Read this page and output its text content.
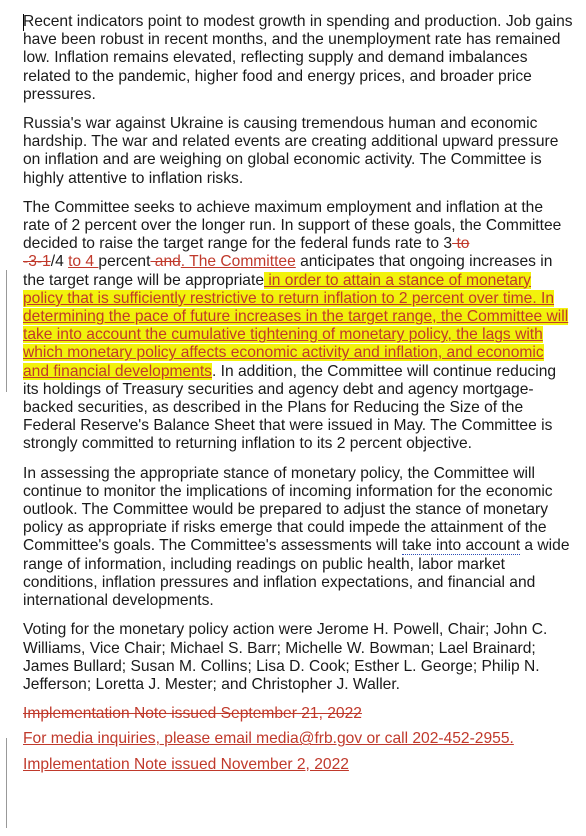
Recent indicators point to modest growth in spending and production. Job gains have been robust in recent months, and the unemployment rate has remained low. Inflation remains elevated, reflecting supply and demand imbalances related to the pandemic, higher food and energy prices, and broader price pressures.

Russia's war against Ukraine is causing tremendous human and economic hardship. The war and related events are creating additional upward pressure on inflation and are weighing on global economic activity. The Committee is highly attentive to inflation risks.

The Committee seeks to achieve maximum employment and inflation at the rate of 2 percent over the longer run. In support of these goals, the Committee decided to raise the target range for the federal funds rate to 3 to
-3-1/4 to 4 percent and. The Committee anticipates that ongoing increases in the target range will be appropriate in order to attain a stance of monetary policy that is sufficiently restrictive to return inflation to 2 percent over time. In determining the pace of future increases in the target range, the Committee will take into account the cumulative tightening of monetary policy, the lags with which monetary policy affects economic activity and inflation, and economic and financial developments. In addition, the Committee will continue reducing its holdings of Treasury securities and agency debt and agency mortgage-backed securities, as described in the Plans for Reducing the Size of the Federal Reserve's Balance Sheet that were issued in May. The Committee is strongly committed to returning inflation to its 2 percent objective.

In assessing the appropriate stance of monetary policy, the Committee will continue to monitor the implications of incoming information for the economic outlook. The Committee would be prepared to adjust the stance of monetary policy as appropriate if risks emerge that could impede the attainment of the Committee's goals. The Committee's assessments will take into account a wide range of information, including readings on public health, labor market conditions, inflation pressures and inflation expectations, and financial and international developments.

Voting for the monetary policy action were Jerome H. Powell, Chair; John C. Williams, Vice Chair; Michael S. Barr; Michelle W. Bowman; Lael Brainard; James Bullard; Susan M. Collins; Lisa D. Cook; Esther L. George; Philip N. Jefferson; Loretta J. Mester; and Christopher J. Waller.

Implementation Note issued September 21, 2022

For media inquiries, please email media@frb.gov or call 202-452-2955.

Implementation Note issued November 2, 2022
